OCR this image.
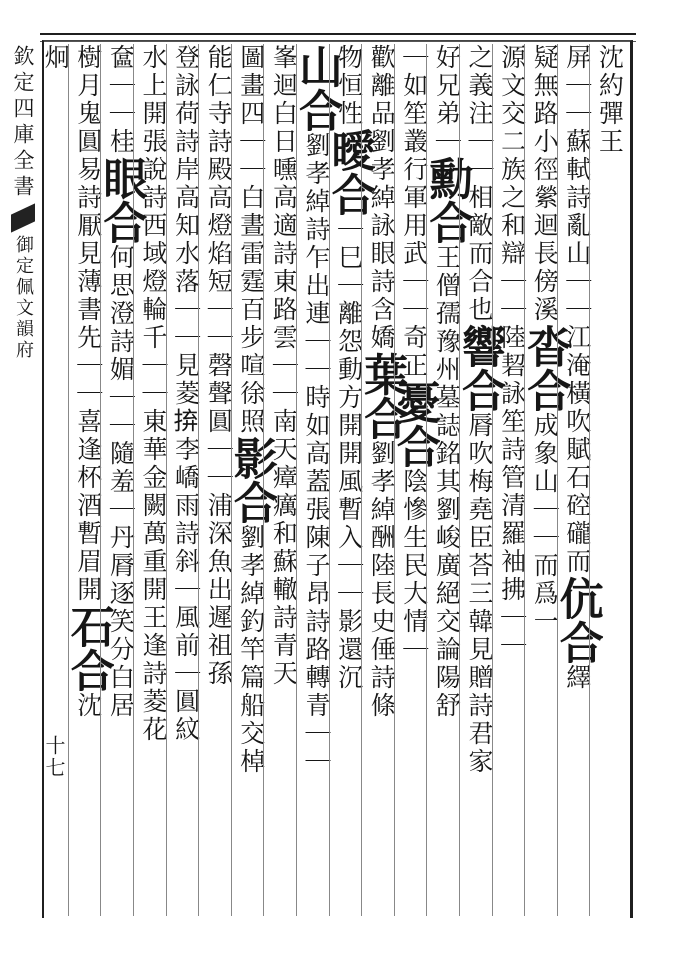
欽定四庫全書
御定佩文韻府
沈約彈王
屏｜｜蘇軾詩亂山｜｜江淹橫吹賦石硿礲而伉合繹
疑無路小徑縈迴長傍溪沓合成象山｜｜而爲一
源文交二族之和辯｜｜陸䂮詠笙詩管清羅袖拂｜｜
之義注｜｜相敵而合也響合脣吹梅堯臣荅三韓見贈詩君家
好兄弟｜勳合王僧孺豫州墓誌銘其劉峻廣絕交論陽舒
｜如笙叢行軍用武｜｜奇正憂合陰慘生民大情｜
歡離品劉孝綽詠眼詩含嬌葉合劉孝綽酬陸長史倕詩條
物恒性曖合｜巳｜離怨動方開開風暫入｜｜影還沉
山合劉孝綽詩乍出連｜｜時如高蓋張陳子昂詩路轉青｜｜
峯迴白日曛高適詩東路雲｜｜南天瘴癘和蘇轍詩青天
圖畫四｜｜白晝雷霆百步喧徐照影合劉孝綽釣竿篇船交棹
能仁寺詩殿高燈焰短｜｜磬聲圓｜｜浦深魚出遲祖孫
登詠荷詩岸高知水落｜｜見菱𢬵李嶠雨詩斜｜風前｜圓紋
水上開張說詩西域燈輪千｜｜東華金闕萬重開王逢詩菱花
奩｜｜桂眼合何思澄詩媚｜｜隨羞｜丹脣逐笑分白居
樹月鬼圓易詩厭見薄書先｜｜喜逢杯酒暫眉開石合沈
炯
十七
